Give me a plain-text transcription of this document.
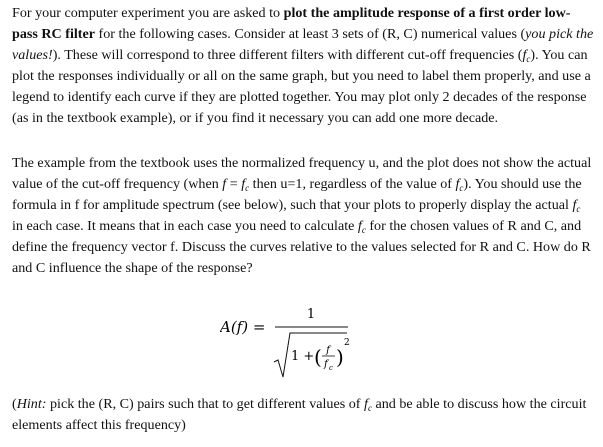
For your computer experiment you are asked to plot the amplitude response of a first order low-pass RC filter for the following cases. Consider at least 3 sets of (R, C) numerical values (you pick the values!). These will correspond to three different filters with different cut-off frequencies $(f_c)$. You can plot the responses individually or all on the same graph, but you need to label them properly, and use a legend to identify each curve if they are plotted together. You may plot only 2 decades of the response (as in the textbook example), or if you find it necessary you can add one more decade.

The example from the textbook uses the normalized frequency u, and the plot does not show the actual value of the cut-off frequency (when $f = f_c$ then u=1, regardless of the value of $f_c$). You should use the formula in f for amplitude spectrum (see below), such that your plots to properly display the actual $f_c$ in each case. It means that in each case you need to calculate $f_c$ for the chosen values of R and C, and define the frequency vector f. Discuss the curves relative to the values selected for R and C. How do R and C influence the shape of the response?

A(f) =
1
1 + ( f
f c )
2

(Hint: pick the (R, C) pairs such that to get different values of $f_c$ and be able to discuss how the circuit elements affect this frequency)
